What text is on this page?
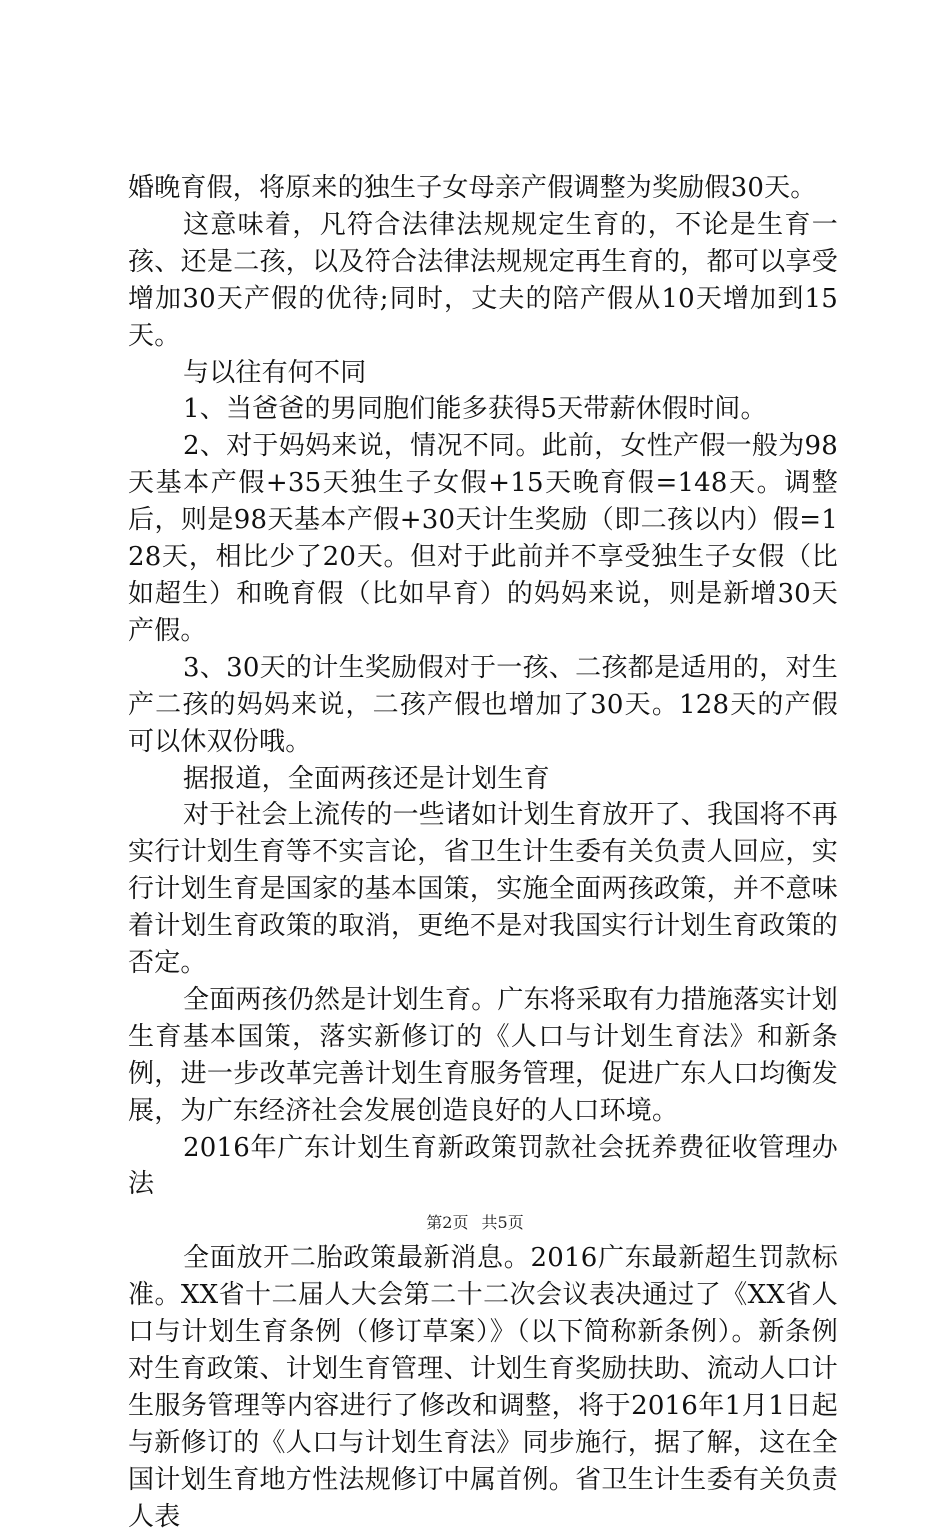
婚晚育假，将原来的独生子女母亲产假调整为奖励假30天。

这意味着，凡符合法律法规规定生育的，不论是生育一孩、还是二孩，以及符合法律法规规定再生育的，都可以享受增加30天产假的优待;同时，丈夫的陪产假从10天增加到15天。

与以往有何不同

1、当爸爸的男同胞们能多获得5天带薪休假时间。

2、对于妈妈来说，情况不同。此前，女性产假一般为98天基本产假+35天独生子女假+15天晚育假=148天。调整后，则是98天基本产假+30天计生奖励（即二孩以内）假=128天，相比少了20天。但对于此前并不享受独生子女假（比如超生）和晚育假（比如早育）的妈妈来说，则是新增30天产假。

3、30天的计生奖励假对于一孩、二孩都是适用的，对生产二孩的妈妈来说，二孩产假也增加了30天。128天的产假可以休双份哦。

据报道，全面两孩还是计划生育

对于社会上流传的一些诸如计划生育放开了、我国将不再实行计划生育等不实言论，省卫生计生委有关负责人回应，实行计划生育是国家的基本国策，实施全面两孩政策，并不意味着计划生育政策的取消，更绝不是对我国实行计划生育政策的否定。

全面两孩仍然是计划生育。广东将采取有力措施落实计划生育基本国策，落实新修订的《人口与计划生育法》和新条例，进一步改革完善计划生育服务管理，促进广东人口均衡发展，为广东经济社会发展创造良好的人口环境。

2016年广东计划生育新政策罚款社会抚养费征收管理办法

全面放开二胎政策最新消息。2016广东最新超生罚款标准。XX省十二届人大会第二十二次会议表决通过了《XX省人口与计划生育条例（修订草案）》（以下简称新条例）。新条例对生育政策、计划生育管理、计划生育奖励扶助、流动人口计生服务管理等内容进行了修改和调整，将于2016年1月1日起与新修订的《人口与计划生育法》同步施行，据了解，这在全国计划生育地方性法规修订中属首例。省卫生计生委有关负责人表

第2页 共5页
